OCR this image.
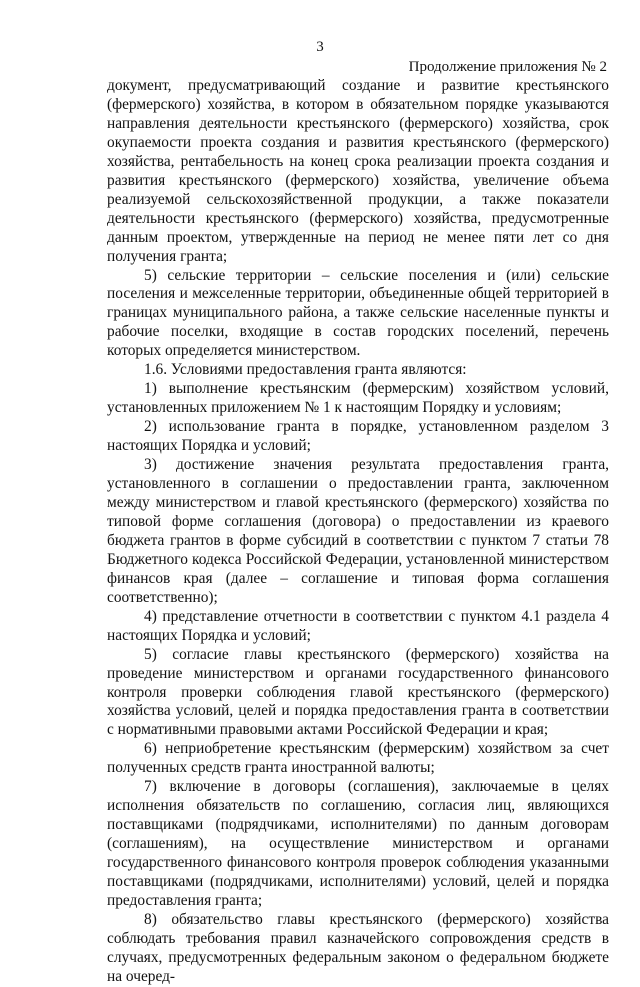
3
Продолжение приложения № 2

документ, предусматривающий создание и развитие крестьянского (фермерского) хозяйства, в котором в обязательном порядке указываются направления деятельности крестьянского (фермерского) хозяйства, срок окупаемости проекта создания и развития крестьянского (фермерского) хозяйства, рентабельность на конец срока реализации проекта создания и развития крестьянского (фермерского) хозяйства, увеличение объема реализуемой сельскохозяйственной продукции, а также показатели деятельности крестьянского (фермерского) хозяйства, предусмотренные данным проектом, утвержденные на период не менее пяти лет со дня получения гранта;

5) сельские территории – сельские поселения и (или) сельские поселения и межселенные территории, объединенные общей территорией в границах муниципального района, а также сельские населенные пункты и рабочие поселки, входящие в состав городских поселений, перечень которых определяется министерством.

1.6. Условиями предоставления гранта являются:

1) выполнение крестьянским (фермерским) хозяйством условий, установленных приложением № 1 к настоящим Порядку и условиям;

2) использование гранта в порядке, установленном разделом 3 настоящих Порядка и условий;

3) достижение значения результата предоставления гранта, установленного в соглашении о предоставлении гранта, заключенном между министерством и главой крестьянского (фермерского) хозяйства по типовой форме соглашения (договора) о предоставлении из краевого бюджета грантов в форме субсидий в соответствии с пунктом 7 статьи 78 Бюджетного кодекса Российской Федерации, установленной министерством финансов края (далее – соглашение и типовая форма соглашения соответственно);

4) представление отчетности в соответствии с пунктом 4.1 раздела 4 настоящих Порядка и условий;

5) согласие главы крестьянского (фермерского) хозяйства на проведение министерством и органами государственного финансового контроля проверки соблюдения главой крестьянского (фермерского) хозяйства условий, целей и порядка предоставления гранта в соответствии с нормативными правовыми актами Российской Федерации и края;

6) неприобретение крестьянским (фермерским) хозяйством за счет полученных средств гранта иностранной валюты;

7) включение в договоры (соглашения), заключаемые в целях исполнения обязательств по соглашению, согласия лиц, являющихся поставщиками (подрядчиками, исполнителями) по данным договорам (соглашениям), на осуществление министерством и органами государственного финансового контроля проверок соблюдения указанными поставщиками (подрядчиками, исполнителями) условий, целей и порядка предоставления гранта;

8) обязательство главы крестьянского (фермерского) хозяйства соблюдать требования правил казначейского сопровождения средств в случаях, предусмотренных федеральным законом о федеральном бюджете на очеред-
